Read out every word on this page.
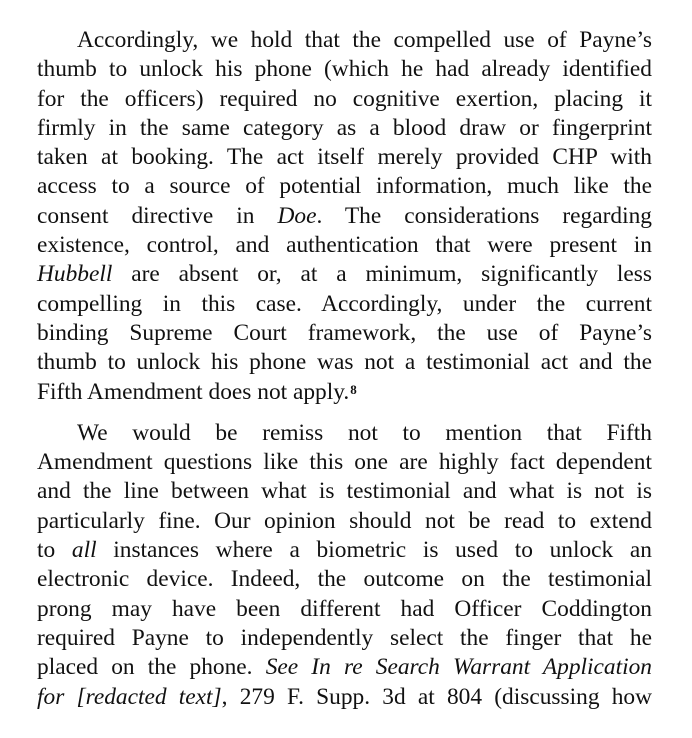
Accordingly, we hold that the compelled use of Payne’s
thumb to unlock his phone (which he had already identified
for the officers) required no cognitive exertion, placing it
firmly in the same category as a blood draw or fingerprint
taken at booking. The act itself merely provided CHP with
access to a source of potential information, much like the
consent directive in Doe. The considerations regarding
existence, control, and authentication that were present in
Hubbell are absent or, at a minimum, significantly less
compelling in this case. Accordingly, under the current
binding Supreme Court framework, the use of Payne’s
thumb to unlock his phone was not a testimonial act and the
Fifth Amendment does not apply.$^8$

We would be remiss not to mention that Fifth
Amendment questions like this one are highly fact dependent
and the line between what is testimonial and what is not is
particularly fine. Our opinion should not be read to extend
to all instances where a biometric is used to unlock an
electronic device. Indeed, the outcome on the testimonial
prong may have been different had Officer Coddington
required Payne to independently select the finger that he
placed on the phone. See In re Search Warrant Application
for [redacted text], 279 F. Supp. 3d at 804 (discussing how
